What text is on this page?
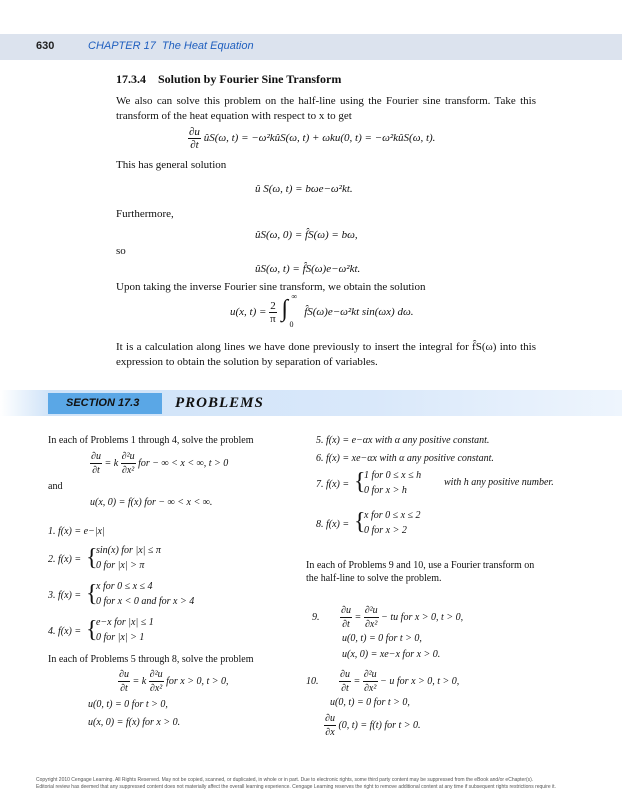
630	CHAPTER 17 The Heat Equation
17.3.4 Solution by Fourier Sine Transform
We also can solve this problem on the half-line using the Fourier sine transform. Take this transform of the heat equation with respect to x to get
$\frac{\partial u}{\partial t}$ ûS(ω, t) = −ω²kûS(ω, t) + ωku(0, t) = −ω²kûS(ω, t).
This has general solution
û S(ω, t) = bωe−ω²kt.
Furthermore,
ûS(ω, 0) = f̂S(ω) = bω,
so
ûS(ω, t) = f̂S(ω)e−ω²kt.
Upon taking the inverse Fourier sine transform, we obtain the solution
u(x, $t) = \frac{2}{\pi}$
∫ ∞
0
f̂S(ω)e−ω²kt sin(ωx) dω.
It is a calculation along lines we have done previously to insert the integral for f̂S(ω) into this expression to obtain the solution by separation of variables.
SECTION 17.3 PROBLEMS
In each of Problems 1 through 4, solve the problem
$\frac{\partial u}{\partial t} = k \frac{\text{∂²u}}{\text{∂x²}}$ for − ∞ < x < ∞, t > 0
and
u(x, 0) = f(x) for − ∞ < x < ∞.
1. f(x) = e−|x|
2. f(x) = {
sin(x) for |x| ≤ π
0 for |x| > π
3. f(x) = {
x for 0 ≤ x ≤ 4
0 for x < 0 and for x > 4
4. f(x) = {
e−x for |x| ≤ 1
0 for |x| > 1
In each of Problems 5 through 8, solve the problem
$\frac{\partial u}{\partial t} = k \frac{\text{∂²u}}{\text{∂x²}}$ for x > 0, t > 0,
u(0, t) = 0 for t > 0,
u(x, 0) = f(x) for x > 0.
5. f(x) = e−αx with α any positive constant.
6. f(x) = xe−αx with α any positive constant.
7. f(x) = {
1 for 0 ≤ x ≤ h
0 for x > h
with h any positive number.
8. f(x) = {
x for 0 ≤ x ≤ 2
0 for x > 2
In each of Problems 9 and 10, use a Fourier transform on the half-line to solve the problem.
9. $\frac{\partial u}{\partial t} = \frac{\text{∂²u}}{\text{∂x²}}$ − tu for x > 0, t > 0,
u(0, t) = 0 for t > 0,
u(x, 0) = xe−x for x > 0.
10. $\frac{\partial u}{\partial t} = \frac{\text{∂²u}}{\text{∂x²}} - u$ for x > 0, t > 0,
u(0, t) = 0 for t > 0,
$\frac{\partial u}{\partial x} (0$, t) = f(t) for t > 0.
Copyright 2010 Cengage Learning. All Rights Reserved. May not be copied, scanned, or duplicated, in whole or in part. Due to electronic rights, some third party content may be suppressed from the eBook and/or eChapter(s).
Editorial review has deemed that any suppressed content does not materially affect the overall learning experience. Cengage Learning reserves the right to remove additional content at any time if subsequent rights restrictions require it.
